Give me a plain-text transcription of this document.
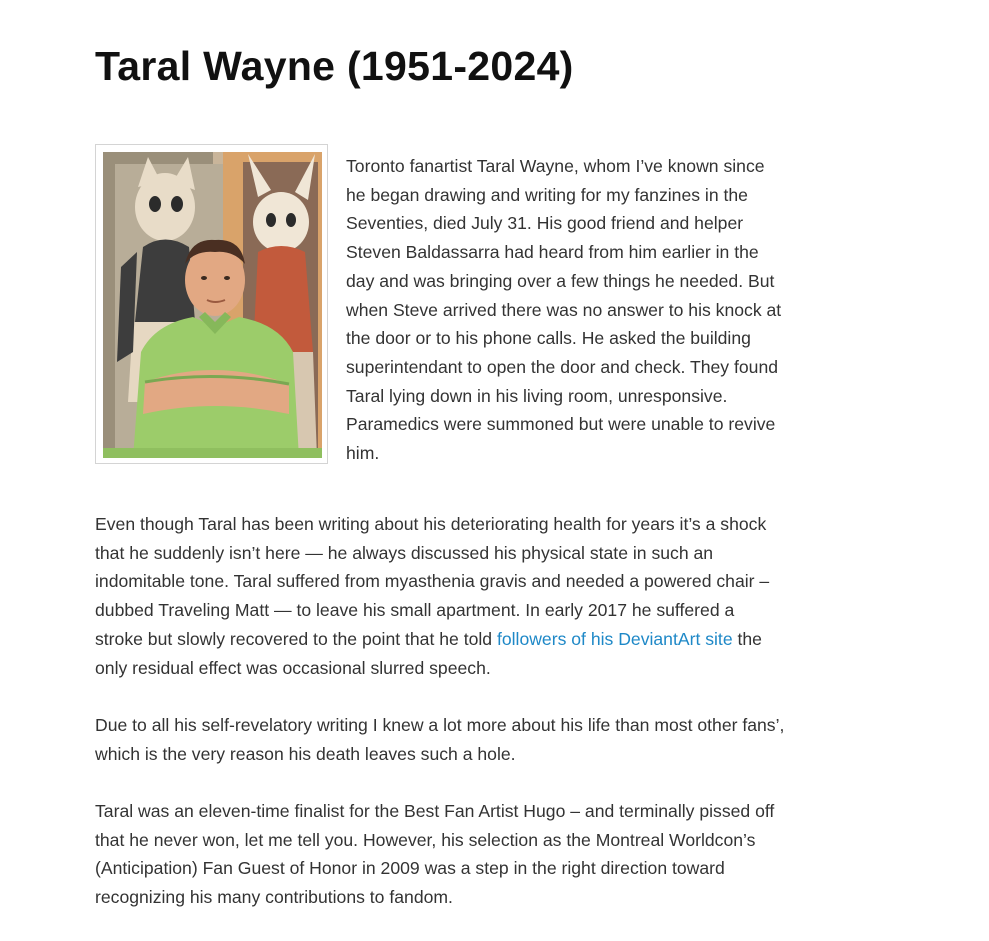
Taral Wayne (1951-2024)

Toronto fanartist Taral Wayne, whom I’ve known since he began drawing and writing for my fanzines in the Seventies, died July 31. His good friend and helper Steven Baldassarra had heard from him earlier in the day and was bringing over a few things he needed. But when Steve arrived there was no answer to his knock at the door or to his phone calls. He asked the building superintendant to open the door and check. They found Taral lying down in his living room, unresponsive. Paramedics were summoned but were unable to revive him.

Even though Taral has been writing about his deteriorating health for years it’s a shock that he suddenly isn’t here — he always discussed his physical state in such an indomitable tone. Taral suffered from myasthenia gravis and needed a powered chair – dubbed Traveling Matt — to leave his small apartment. In early 2017 he suffered a stroke but slowly recovered to the point that he told followers of his DeviantArt site the only residual effect was occasional slurred speech.

Due to all his self-revelatory writing I knew a lot more about his life than most other fans’, which is the very reason his death leaves such a hole.

Taral was an eleven-time finalist for the Best Fan Artist Hugo – and terminally pissed off that he never won, let me tell you. However, his selection as the Montreal Worldcon’s (Anticipation) Fan Guest of Honor in 2009 was a step in the right direction toward recognizing his many contributions to fandom.
